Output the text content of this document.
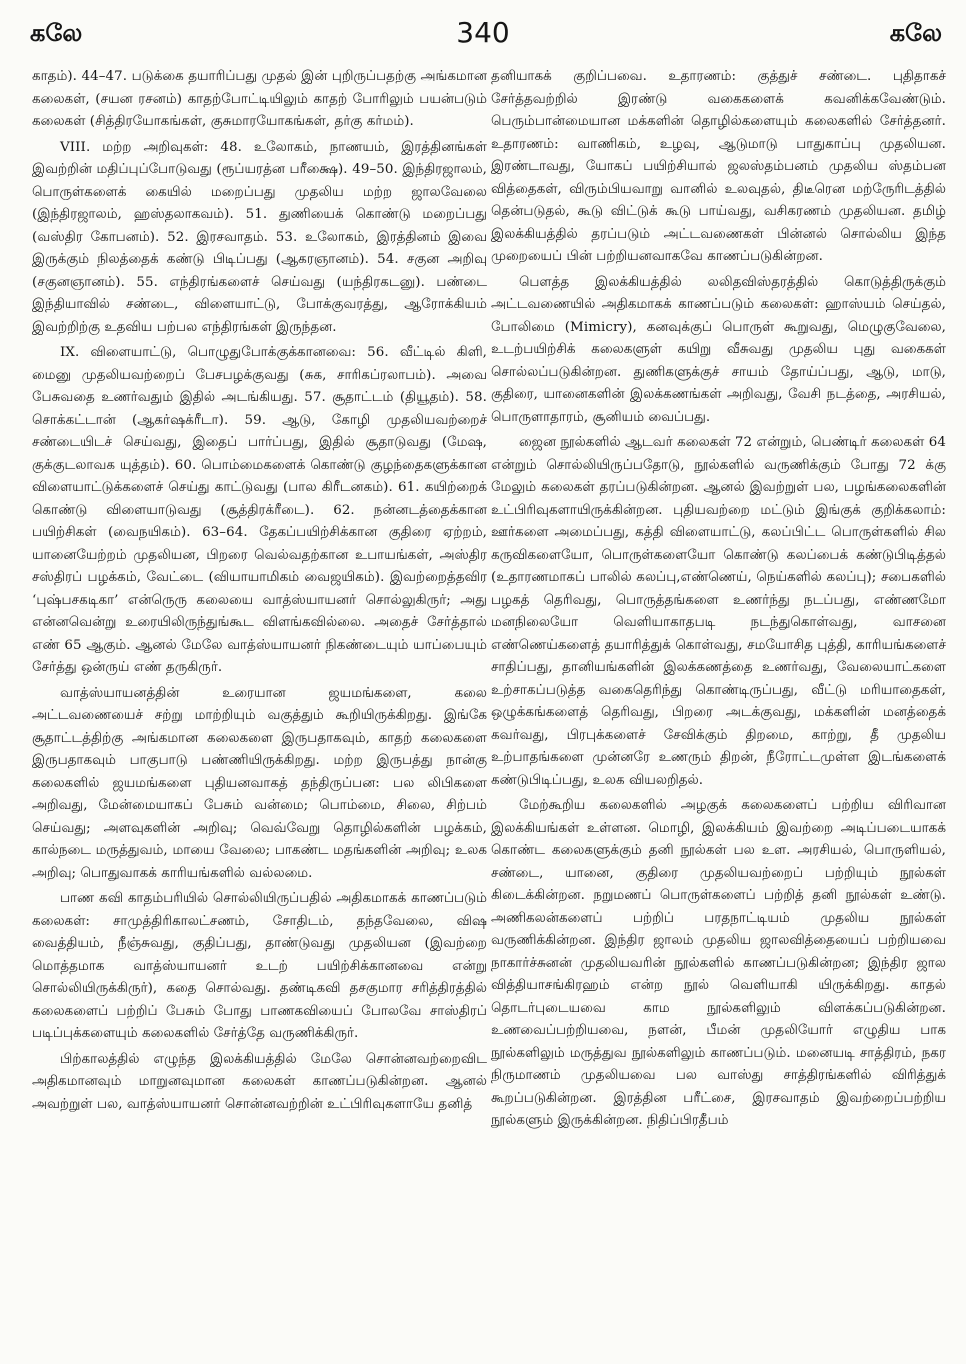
கலே	340	கலே

காதம்). 44–47. படுக்கை தயாரிப்பது முதல் இன் புறிருப்பதற்கு அங்கமான கலைகள், (சயன ரசனம்) காதற்போட்டியிலும் காதற் போரிலும் பயன்படும் கலைகள் (சித்திரயோகங்கள், குசுமாரயோகங்கள், தர்கு கர்மம்).

VIII. மற்ற அறிவுகள்: 48. உலோகம், நாணயம், இரத்தினங்கள் இவற்றின் மதிப்புப்போடுவது (ரூப்யரத்ன பரீக்ஷை). 49–50. இந்திரஜாலம், பொருள்களைக் கையில் மறைப்பது முதலிய மற்ற ஜாலவேலை (இந்திரஜாலம், ஹஸ்தலாகவம்). 51. துணியைக் கொண்டு மறைப்பது (வஸ்திர கோபனம்). 52. இரசவாதம். 53. உலோகம், இரத்தினம் இவை இருக்கும் நிலத்தைக் கண்டு பிடிப்பது (ஆகரஞானம்). 54. சகுன அறிவு (சகுனஞானம்). 55. எந்திரங்களைச் செய்வது (யந்திரகடனு). பண்டை இந்தியாவில் சண்டை, விளையாட்டு, போக்குவரத்து, ஆரோக்கியம் இவற்றிற்கு உதவிய பற்பல எந்திரங்கள் இருந்தன.

IX. விளையாட்டு, பொழுதுபோக்குக்கானவை: 56. வீட்டில் கிளி, மைனு முதலியவற்றைப் பேசபழக்குவது (சுக, சாரிகப்ரலாபம்). அவை பேசுவதை உணர்வதும் இதில் அடங்கியது. 57. சூதாட்டம் (தியூதம்). 58. சொக்கட்டான் (ஆகர்ஷக்ரீடா). 59. ஆடு, கோழி முதலியவற்றைச் சண்டையிடச் செய்வது, இதைப் பார்ப்பது, இதில் சூதாடுவது (மேஷ, குக்குடலாவக யுத்தம்). 60. பொம்மைகளைக் கொண்டு குழந்தைகளுக்கான விளையாட்டுக்களைச் செய்து காட்டுவது (பால கிரீடனகம்). 61. கயிற்றைக் கொண்டு விளையாடுவது (சூத்திரக்ரீடை). 62. நன்னடத்தைக்கான பயிற்சிகள் (வைநயிகம்). 63–64. தேகப்பயிற்சிக்கான குதிரை ஏற்றம், யானையேற்றம் முதலியன, பிறரை வெல்வதற்கான உபாயங்கள், அஸ்திர சஸ்திரப் பழக்கம், வேட்டை (வியாயாமிகம் வைஜயிகம்). இவற்றைத்தவிர ‘புஷ்பசகடிகா’ என்ருெரு கலையை வாத்ஸ்யாயனர் சொல்லுகிருர்; அது என்னவென்று உரையிலிருந்துங்கூட விளங்கவில்லை. அதைச் சேர்த்தால் எண் 65 ஆகும். ஆனல் மேலே வாத்ஸ்யாயனர் நிகண்டையும் யாப்பையும் சேர்த்து ஒன்ருய் எண் தருகிருர்.

வாத்ஸ்யாயனத்தின் உரையான ஜயமங்களை, கலை அட்டவணையைச் சற்று மாற்றியும் வகுத்தும் கூறியிருக்கிறது. இங்கே சூதாட்டத்திற்கு அங்கமான கலைகளை இருபதாகவும், காதற் கலைகளை இருபதாகவும் பாகுபாடு பண்ணியிருக்கிறது. மற்ற இருபத்து நான்கு கலைகளில் ஜயமங்களை புதியனவாகத் தந்திருப்பன: பல லிபிகளை அறிவது, மேன்மையாகப் பேசும் வன்மை; பொம்மை, சிலை, சிற்பம் செய்வது; அளவுகளின் அறிவு; வெவ்வேறு தொழில்களின் பழக்கம், கால்நடை மருத்துவம், மாயை வேலை; பாகண்ட மதங்களின் அறிவு; உலக அறிவு; பொதுவாகக் காரியங்களில் வல்லமை.

பாண கவி காதம்பரியில் சொல்லியிருப்பதில் அதிகமாகக் காணப்படும் கலைகள்: சாமுத்திரிகாலட்சணம், சோதிடம், தந்தவேலை, விஷ வைத்தியம், நீஞ்சுவது, குதிப்பது, தாண்டுவது முதலியன (இவற்றை மொத்தமாக வாத்ஸ்யாயனர் உடற் பயிற்சிக்கானவை என்று சொல்லியிருக்கிருர்), கதை சொல்வது. தண்டிகவி தசகுமார சரித்திரத்தில் கலைகளைப் பற்றிப் பேசும் போது பாணகவியைப் போலவே சாஸ்திரப் படிப்புக்களையும் கலைகளில் சேர்த்தே வருணிக்கிருர்.

பிற்காலத்தில் எழுந்த இலக்கியத்தில் மேலே சொன்னவற்றைவிட அதிகமானவும் மாறுனவுமான கலைகள் காணப்படுகின்றன. ஆனல் அவற்றுள் பல, வாத்ஸ்யாயனர் சொன்னவற்றின் உட்பிரிவுகளாயே தனித்

தனியாகக் குறிப்பவை. உதாரணம்: குத்துச் சண்டை. புதிதாகச் சேர்த்தவற்றில் இரண்டு வகைகளைக் கவனிக்கவேண்டும். பெரும்பான்மையான மக்களின் தொழில்களையும் கலைகளில் சேர்த்தனர். உதாரணம்: வாணிகம், உழவு, ஆடுமாடு பாதுகாப்பு முதலியன. இரண்டாவது, யோகப் பயிற்சியால் ஜலஸ்தம்பனம் முதலிய ஸ்தம்பன வித்தைகள், விரும்பியவாறு வானில் உலவுதல், திடீரென மற்ருேரிடத்தில் தென்படுதல், கூடு விட்டுக் கூடு பாய்வது, வசிகரணம் முதலியன. தமிழ் இலக்கியத்தில் தரப்படும் அட்டவணைகள் பின்னல் சொல்லிய இந்த முறையைப் பின் பற்றியனவாகவே காணப்படுகின்றன.

பௌத்த இலக்கியத்தில் லலிதவிஸ்தரத்தில் கொடுத்திருக்கும் அட்டவணையில் அதிகமாகக் காணப்படும் கலைகள்: ஹாஸ்யம் செய்தல், போலிமை (Mimicry), கனவுக்குப் பொருள் கூறுவது, மெழுகுவேலை, உடற்பயிற்சிக் கலைகளுள் கயிறு வீசுவது முதலிய புது வகைகள் சொல்லப்படுகின்றன. துணிகளுக்குச் சாயம் தோய்ப்பது, ஆடு, மாடு, குதிரை, யானைகளின் இலக்கணங்கள் அறிவது, வேசி நடத்தை, அரசியல், பொருளாதாரம், சூனியம் வைப்பது.

ஜைன நூல்களில் ஆடவர் கலைகள் 72 என்றும், பெண்டிர் கலைகள் 64 என்றும் சொல்லியிருப்பதோடு, நூல்களில் வருணிக்கும் போது 72 க்கு மேலும் கலைகள் தரப்படுகின்றன. ஆனல் இவற்றுள் பல, பழங்கலைகளின் உட்பிரிவுகளாயிருக்கின்றன. புதியவற்றை மட்டும் இங்குக் குறிக்கலாம்: ஊர்களை அமைப்பது, கத்தி விளையாட்டு, கலப்பிட்ட பொருள்களில் சில கருவிகளையோ, பொருள்களையோ கொண்டு கலப்பைக் கண்டுபிடித்தல் (உதாரணமாகப் பாலில் கலப்பு,எண்ணெய், நெய்களில் கலப்பு); சபைகளில் பழகத் தெரிவது, பொருத்தங்களை உணர்ந்து நடப்பது, எண்ணமோ மனநிலையோ வெளியாகாதபடி நடந்துகொள்வது, வாசனை எண்ணெய்களைத் தயாரித்துக் கொள்வது, சமயோசித புத்தி, காரியங்களைச் சாதிப்பது, தானியங்களின் இலக்கணத்தை உணர்வது, வேலையாட்களை உற்சாகப்படுத்த வகைதெரிந்து கொண்டிருப்பது, வீட்டு மரியாதைகள், ஒழுக்கங்களைத் தெரிவது, பிறரை அடக்குவது, மக்களின் மனத்தைக் கவர்வது, பிரபுக்களைச் சேவிக்கும் திறமை, காற்று, தீ முதலிய உற்பாதங்களை முன்னரே உணரும் திறன், நீரோட்டமுள்ள இடங்களைக் கண்டுபிடிப்பது, உலக வியலறிதல்.

மேற்கூறிய கலைகளில் அழகுக் கலைகளைப் பற்றிய விரிவான இலக்கியங்கள் உள்ளன. மொழி, இலக்கியம் இவற்றை அடிப்படையாகக் கொண்ட கலைகளுக்கும் தனி நூல்கள் பல உள. அரசியல், பொருளியல், சண்டை, யானை, குதிரை முதலியவற்றைப் பற்றியும் நூல்கள் கிடைக்கின்றன. நறுமணப் பொருள்களைப் பற்றித் தனி நூல்கள் உண்டு. அணிகலன்களைப் பற்றிப் பரதநாட்டியம் முதலிய நூல்கள் வருணிக்கின்றன. இந்திர ஜாலம் முதலிய ஜாலவித்தையைப் பற்றியவை நாகார்ச்சுனன் முதலியவரின் நூல்களில் காணப்படுகின்றன; இந்திர ஜால வித்தியாசங்கிரஹம் என்ற நூல் வெளியாகி யிருக்கிறது. காதல் தொடர்புடையவை காம நூல்களிலும் விளக்கப்படுகின்றன. உணவைப்பற்றியவை, நளன், பீமன் முதலியோர் எழுதிய பாக நூல்களிலும் மருத்துவ நூல்களிலும் காணப்படும். மனையடி சாத்திரம், நகர நிருமாணம் முதலியவை பல வாஸ்து சாத்திரங்களில் விரித்துக் கூறப்படுகின்றன. இரத்தின பரீட்சை, இரசவாதம் இவற்றைப்பற்றிய நூல்களும் இருக்கின்றன. நிதிப்பிரதீபம்
